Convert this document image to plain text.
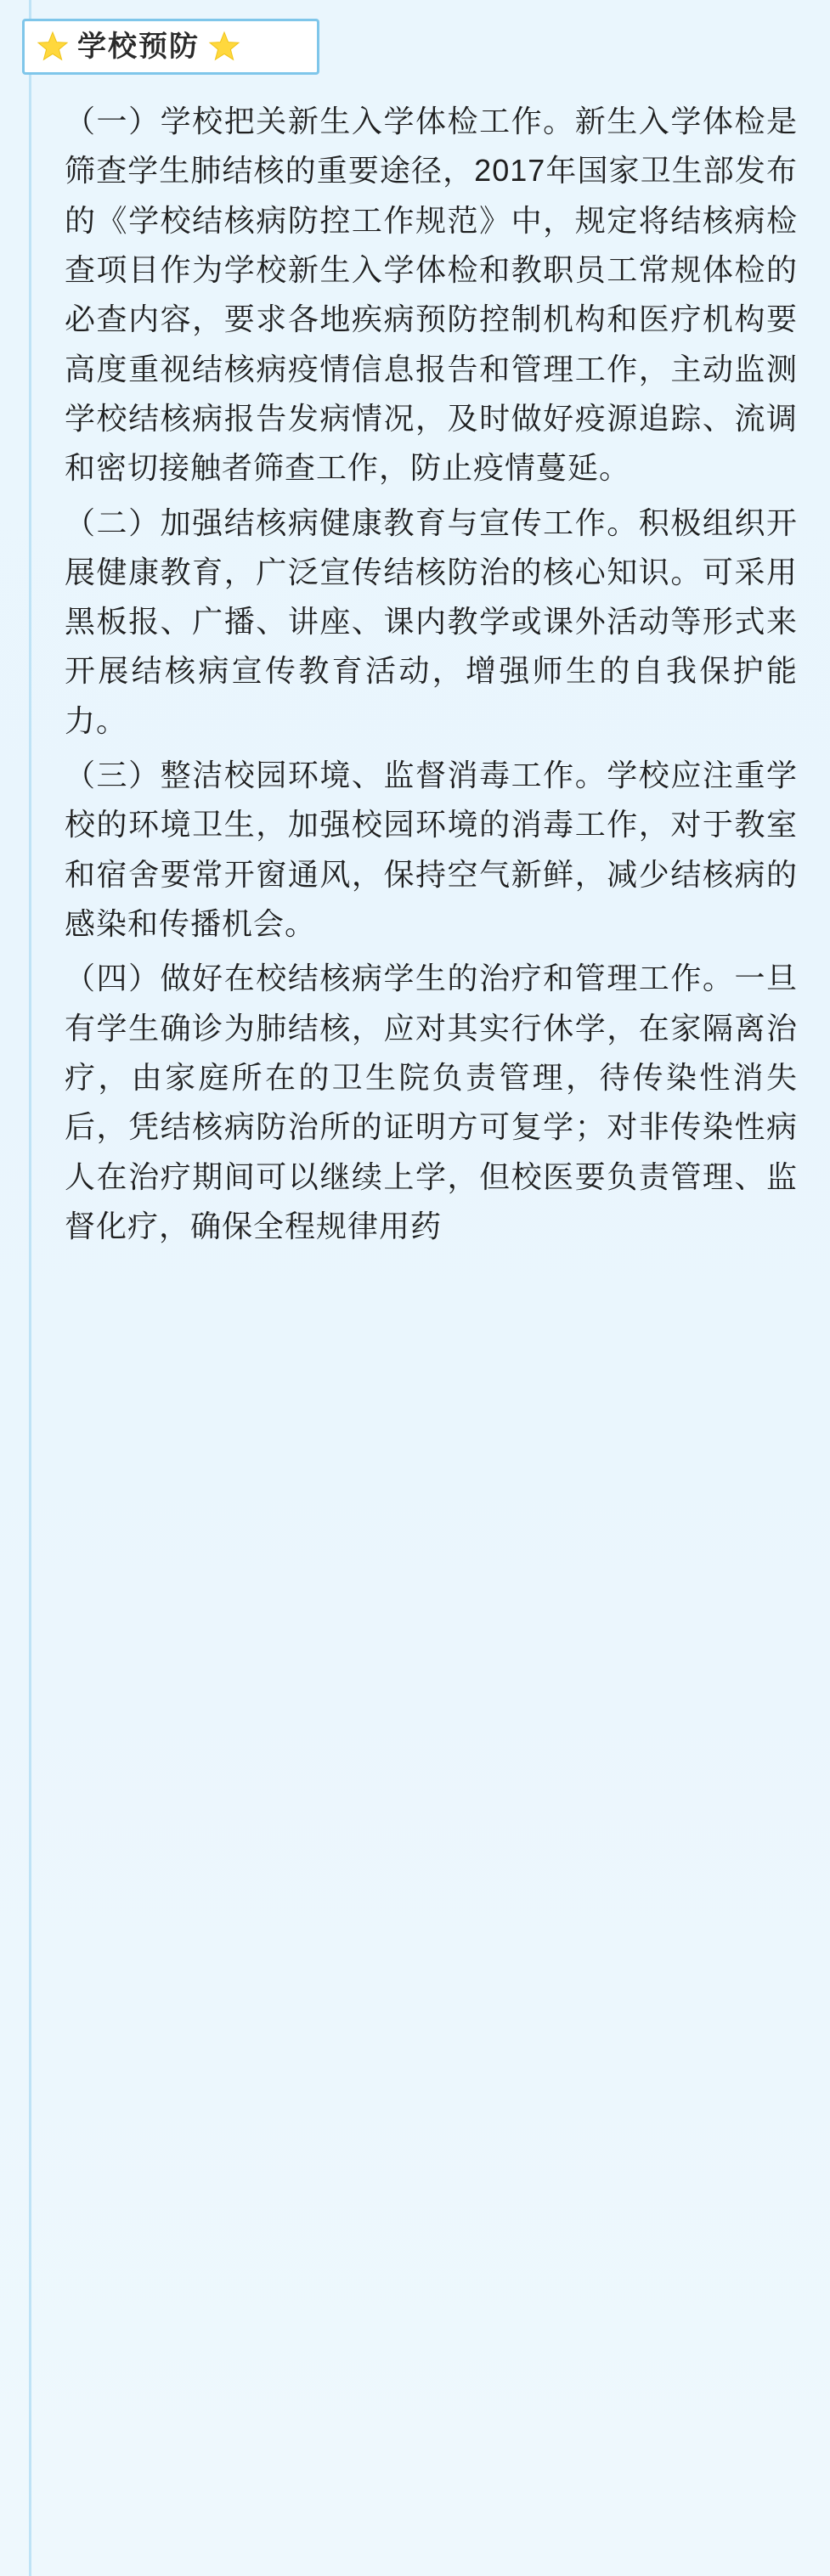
学校预防

（一）学校把关新生入学体检工作。新生入学体检是筛查学生肺结核的重要途径，2017年国家卫生部发布的《学校结核病防控工作规范》中，规定将结核病检查项目作为学校新生入学体检和教职员工常规体检的必查内容，要求各地疾病预防控制机构和医疗机构要高度重视结核病疫情信息报告和管理工作，主动监测学校结核病报告发病情况，及时做好疫源追踪、流调和密切接触者筛查工作，防止疫情蔓延。

（二）加强结核病健康教育与宣传工作。积极组织开展健康教育，广泛宣传结核防治的核心知识。可采用黑板报、广播、讲座、课内教学或课外活动等形式来开展结核病宣传教育活动，增强师生的自我保护能力。

（三）整洁校园环境、监督消毒工作。学校应注重学校的环境卫生，加强校园环境的消毒工作，对于教室和宿舍要常开窗通风，保持空气新鲜，减少结核病的感染和传播机会。

（四）做好在校结核病学生的治疗和管理工作。一旦有学生确诊为肺结核，应对其实行休学，在家隔离治疗，由家庭所在的卫生院负责管理，待传染性消失后，凭结核病防治所的证明方可复学；对非传染性病人在治疗期间可以继续上学，但校医要负责管理、监督化疗，确保全程规律用药
